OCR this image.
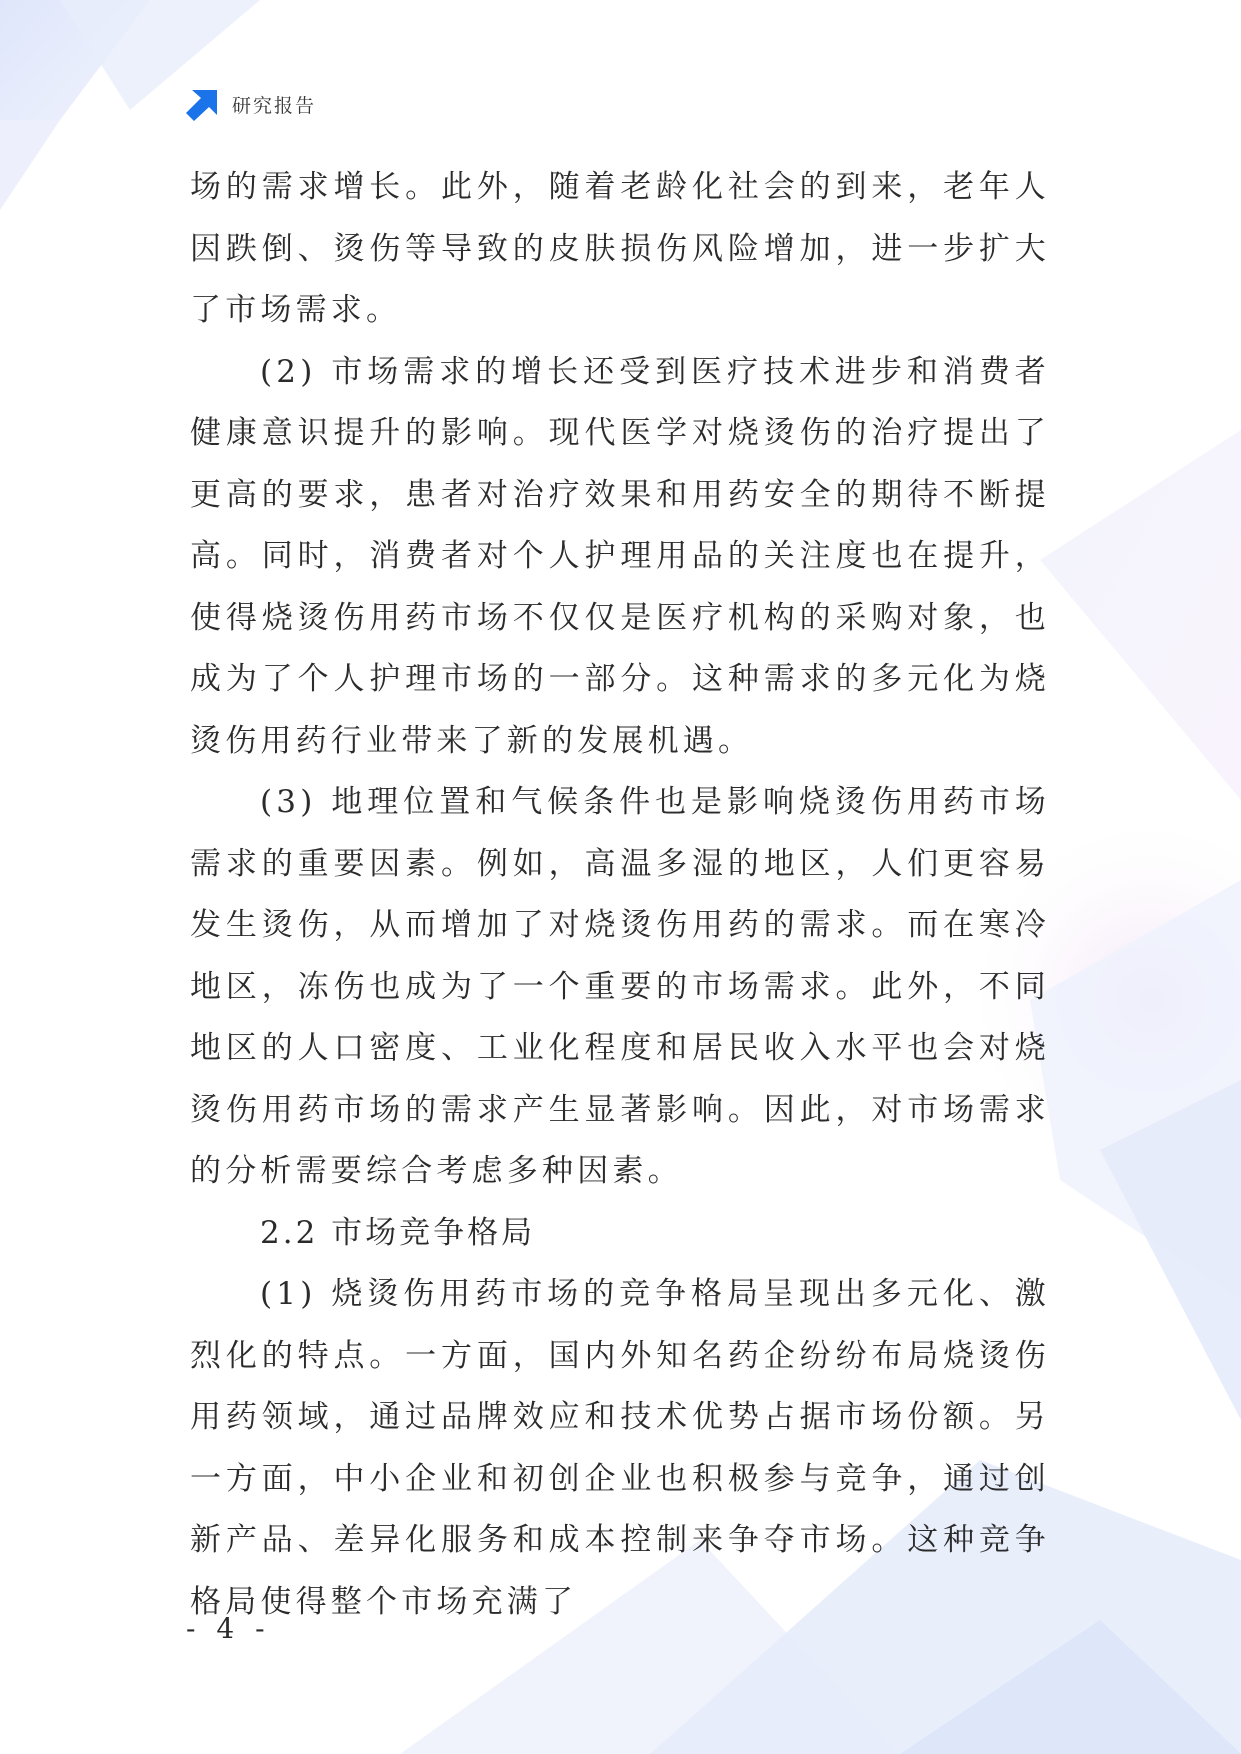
研究报告

场的需求增长。此外，随着老龄化社会的到来，老年人因跌倒、烫伤等导致的皮肤损伤风险增加，进一步扩大了市场需求。

(2) 市场需求的增长还受到医疗技术进步和消费者健康意识提升的影响。现代医学对烧烫伤的治疗提出了更高的要求，患者对治疗效果和用药安全的期待不断提高。同时，消费者对个人护理用品的关注度也在提升，使得烧烫伤用药市场不仅仅是医疗机构的采购对象，也成为了个人护理市场的一部分。这种需求的多元化为烧烫伤用药行业带来了新的发展机遇。

(3) 地理位置和气候条件也是影响烧烫伤用药市场需求的重要因素。例如，高温多湿的地区，人们更容易发生烫伤，从而增加了对烧烫伤用药的需求。而在寒冷地区，冻伤也成为了一个重要的市场需求。此外，不同地区的人口密度、工业化程度和居民收入水平也会对烧烫伤用药市场的需求产生显著影响。因此，对市场需求的分析需要综合考虑多种因素。

2.2 市场竞争格局

(1) 烧烫伤用药市场的竞争格局呈现出多元化、激烈化的特点。一方面，国内外知名药企纷纷布局烧烫伤用药领域，通过品牌效应和技术优势占据市场份额。另一方面，中小企业和初创企业也积极参与竞争，通过创新产品、差异化服务和成本控制来争夺市场。这种竞争格局使得整个市场充满了

- 4 -
